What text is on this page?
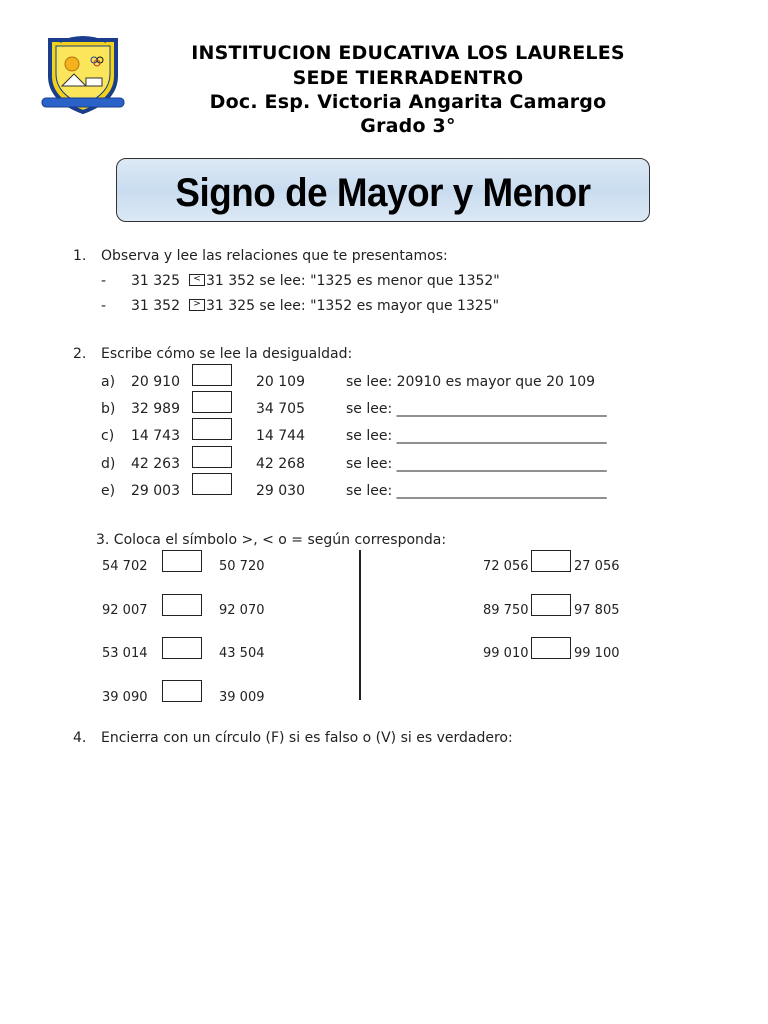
INSTITUCION EDUCATIVA LOS LAURELES
SEDE TIERRADENTRO
Doc. Esp. Victoria Angarita Camargo
Grado 3°
Signo de Mayor y Menor
1. Observa y lee las relaciones que te presentamos:
- 31 325	< 31 352 se lee: "1325 es menor que 1352"
- 31 352	> 31 325 se lee: "1352 es mayor que 1325"
2. Escribe cómo se lee la desigualdad:
a) 20 910	20 109	se lee: 20910 es mayor que 20 109
b) 32 989	34 705	se lee: ______________________________
c) 14 743	14 744	se lee: ______________________________
d) 42 263	42 268	se lee: ______________________________
e) 29 003	29 030	se lee: ______________________________
3. Coloca el símbolo >, < o = según corresponda:
54 702	50 720
92 007	92 070
53 014	43 504
39 090	39 009
72 056	27 056
89 750	97 805
99 010	99 100
4. Encierra con un círculo (F) si es falso o (V) si es verdadero:
